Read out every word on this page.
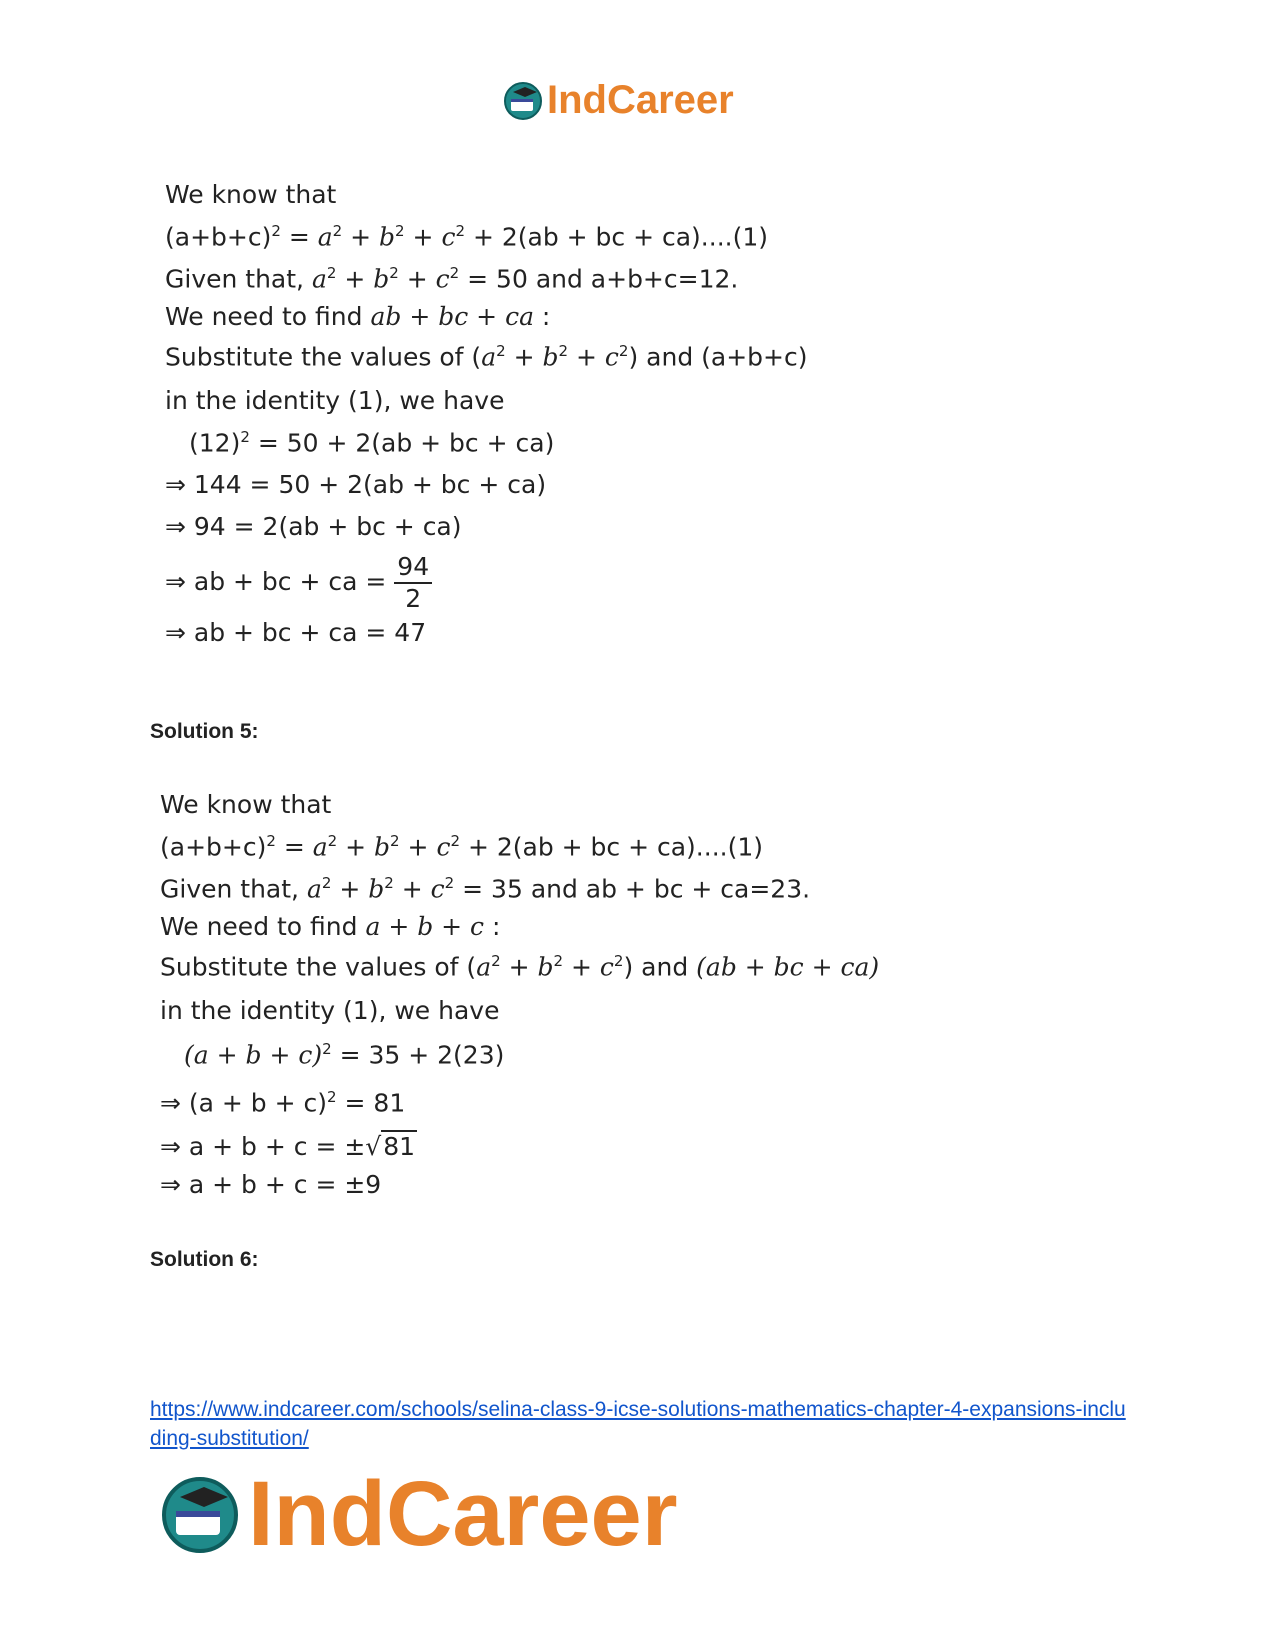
IndCareer
We know that
$(a+b+c)^2 = a^2 + b^2 + c^2 + 2(ab$ + bc + ca)....(1)
Given that, $a^2 + b^2 + c^2 = 50$ and a+b+c=12.
We need to find ab + bc + ca :
Substitute the values of $(a^2 + b^2 + c^2)$ and (a+b+c)
in the identity (1), we have
$(12)^2 = 50 + 2(ab$ + bc + ca)
⇒ 144 = 50 + 2(ab + bc + ca)
⇒ 94 = 2(ab + bc + ca)
⇒ ab + bc + ca = $\frac{94}{2}$
⇒ ab + bc + ca = 47
Solution 5:
We know that
$(a+b+c)^2 = a^2 + b^2 + c^2 + 2(ab$ + bc + ca)....(1)
Given that, $a^2 + b^2 + c^2 = 35$ and ab + bc + ca=23.
We need to find a + b + c :
Substitute the values of $(a^2 + b^2 + c^2)$ and (ab + bc + ca)
in the identity (1), we have
$(a + b + c)^2 = 35 + 2(23)$
⇒ $(a + b + c)^2 = 81$
⇒ a + b + c = ±√81
⇒ a + b + c = ±9
Solution 6:
https://www.indcareer.com/schools/selina-class-9-icse-solutions-mathematics-chapter-4-expansions-including-substitution/
IndCareer
